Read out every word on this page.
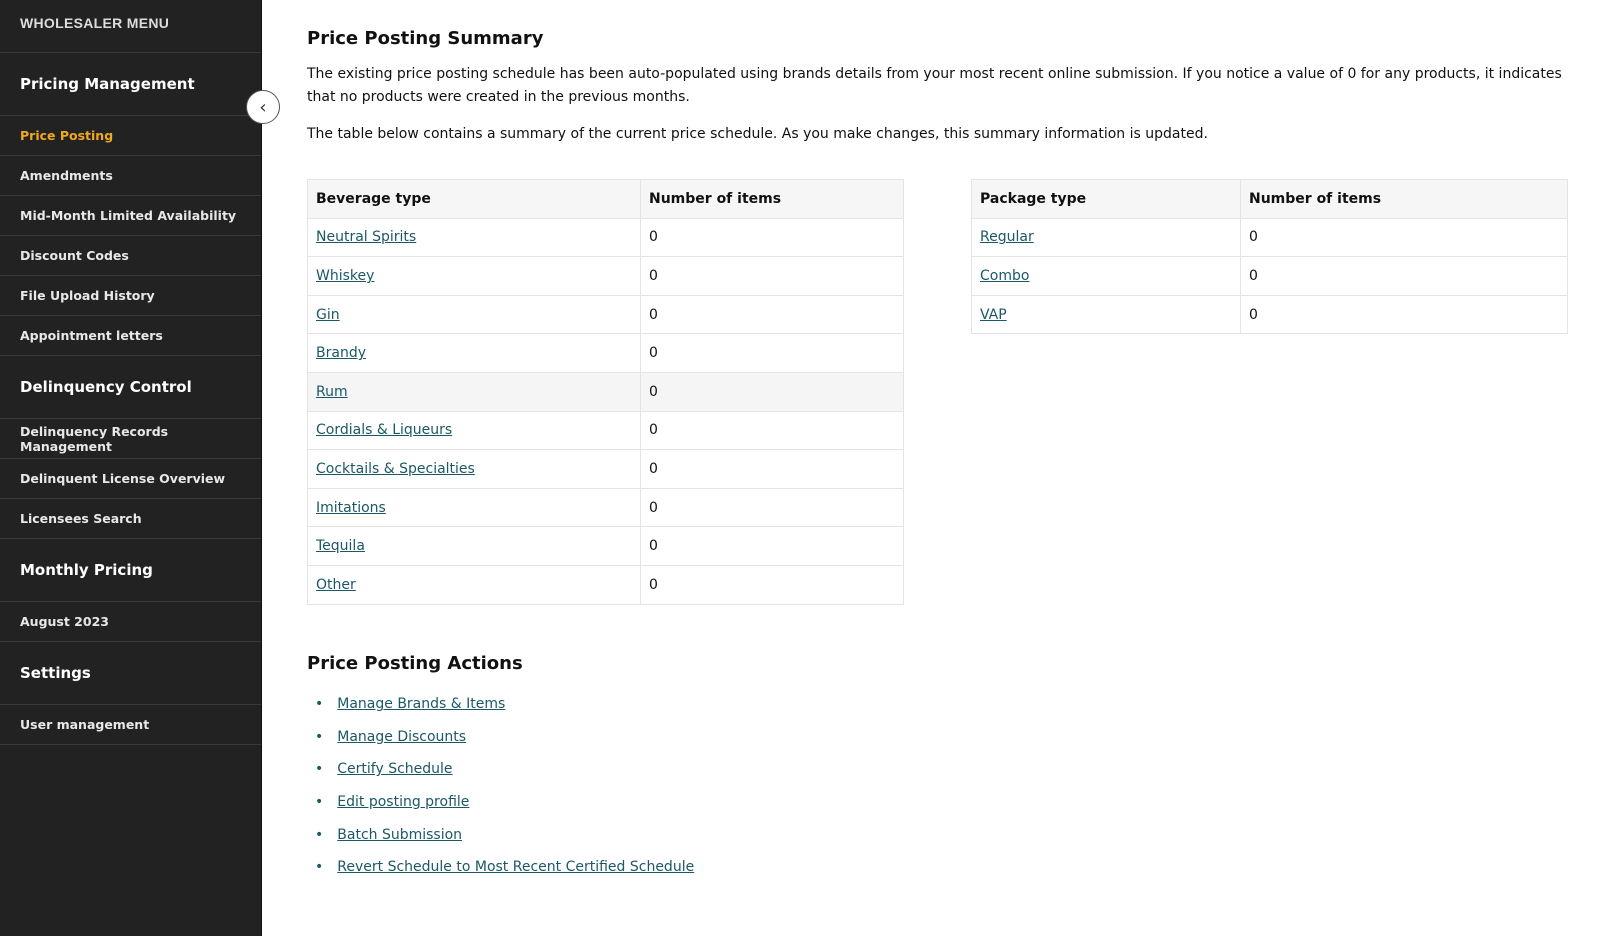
WHOLESALER MENU
Pricing Management
Price Posting
Amendments
Mid-Month Limited Availability
Discount Codes
File Upload History
Appointment letters
Delinquency Control
Delinquency Records Management
Delinquent License Overview
Licensees Search
Monthly Pricing
August 2023
Settings
User management
‹
Price Posting Summary

The existing price posting schedule has been auto-populated using brands details from your most recent online submission. If you notice a value of 0 for any products, it indicates that no products were created in the previous months.

The table below contains a summary of the current price schedule. As you make changes, this summary information is updated.

Beverage type	Number of items
Neutral Spirits	0
Whiskey	0
Gin	0
Brandy	0
Rum	0
Cordials & Liqueurs	0
Cocktails & Specialties	0
Imitations	0
Tequila	0
Other	0
Package type	Number of items
Regular	0
Combo	0
VAP	0
Price Posting Actions
• Manage Brands & Items
• Manage Discounts
• Certify Schedule
• Edit posting profile
• Batch Submission
• Revert Schedule to Most Recent Certified Schedule
